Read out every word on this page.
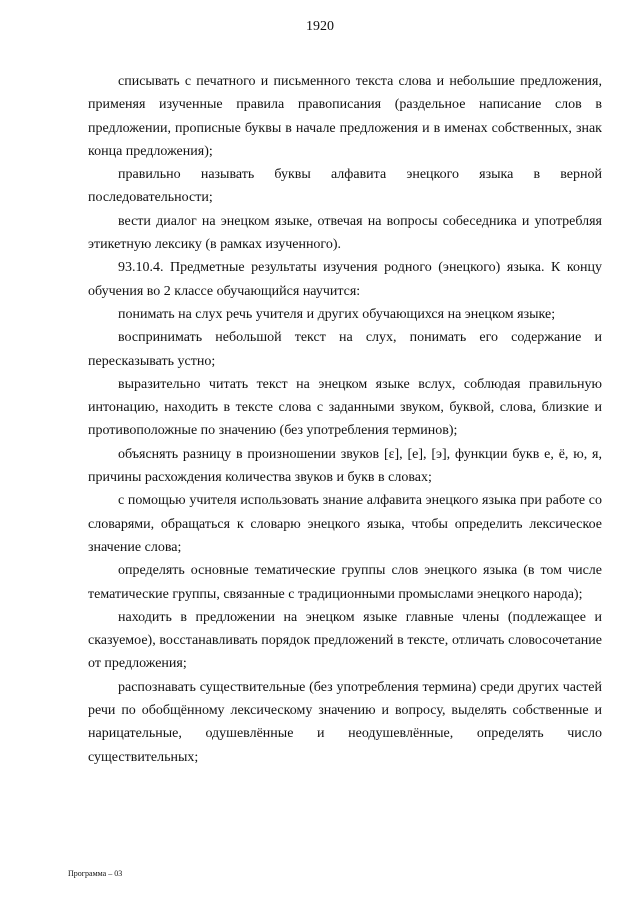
1920

списывать с печатного и письменного текста слова и небольшие предложения, применяя изученные правила правописания (раздельное написание слов в предложении, прописные буквы в начале предложения и в именах собственных, знак конца предложения);

правильно называть буквы алфавита энецкого языка в верной последовательности;

вести диалог на энецком языке, отвечая на вопросы собеседника и употребляя этикетную лексику (в рамках изученного).

93.10.4. Предметные результаты изучения родного (энецкого) языка. К концу обучения во 2 классе обучающийся научится:

понимать на слух речь учителя и других обучающихся на энецком языке;

воспринимать небольшой текст на слух, понимать его содержание и пересказывать устно;

выразительно читать текст на энецком языке вслух, соблюдая правильную интонацию, находить в тексте слова с заданными звуком, буквой, слова, близкие и противоположные по значению (без употребления терминов);

объяснять разницу в произношении звуков [ɛ], [е], [э], функции букв е, ё, ю, я, причины расхождения количества звуков и букв в словах;

с помощью учителя использовать знание алфавита энецкого языка при работе со словарями, обращаться к словарю энецкого языка, чтобы определить лексическое значение слова;

определять основные тематические группы слов энецкого языка (в том числе тематические группы, связанные с традиционными промыслами энецкого народа);

находить в предложении на энецком языке главные члены (подлежащее и сказуемое), восстанавливать порядок предложений в тексте, отличать словосочетание от предложения;

распознавать существительные (без употребления термина) среди других частей речи по обобщённому лексическому значению и вопросу, выделять собственные и нарицательные, одушевлённые и неодушевлённые, определять число существительных;

Программа – 03
